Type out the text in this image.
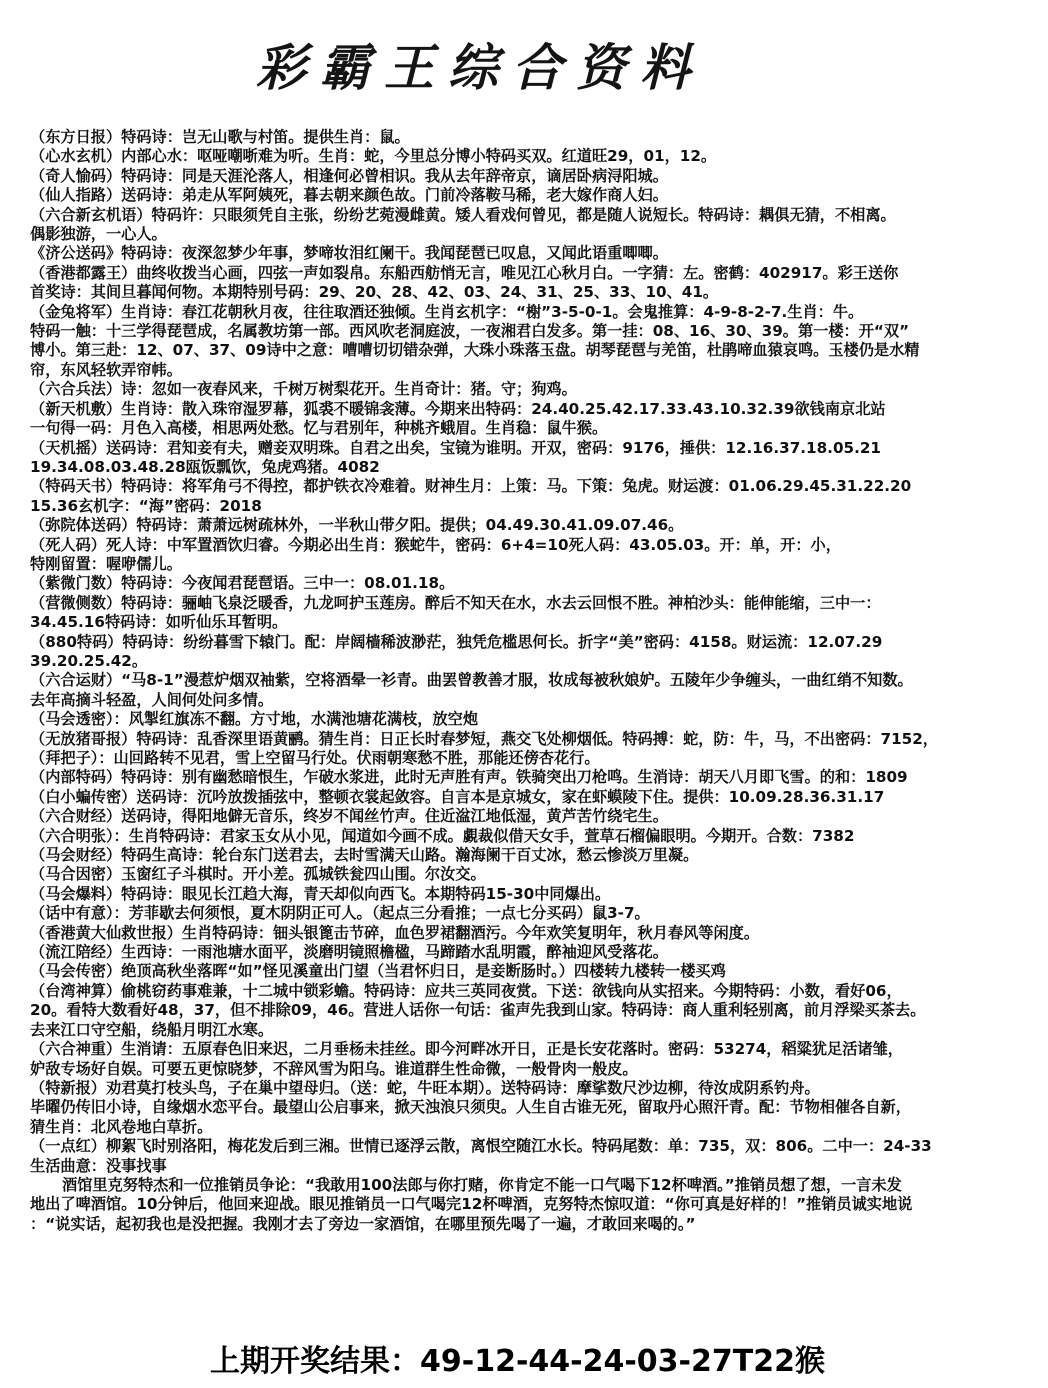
彩霸王综合资料
（东方日报）特码诗：岂无山歌与村笛。提供生肖：鼠。
（心水玄机）内部心水：呕哑嘲哳难为听。生肖：蛇，今里总分博小特码买双。红道旺29，01，12。
（奇人愉码）特码诗：同是天涯沦落人，相逢何必曾相识。我从去年辞帝京，谪居卧病浔阳城。
（仙人指路）送码诗：弟走从军阿姨死，暮去朝来颜色故。门前冷落鞍马稀，老大嫁作商人妇。
（六合新玄机语）特码许：只眼须凭自主张，纷纷艺菀漫雌黄。矮人看戏何曾见，都是随人说短长。特码诗：耦俱无猜，不相离。
偶影独游，一心人。
《济公送码》特码诗：夜深忽梦少年事，梦啼妆泪红阑干。我闻琵琶已叹息，又闻此语重唧唧。
（香港都露王）曲终收拨当心画，四弦一声如裂帛。东船西舫悄无言，唯见江心秋月白。一字猜：左。密鹤：402917。彩王送你
首奖诗：其间旦暮闻何物。本期特别号码：29、20、28、42、03、24、31、25、33、10、41。
（金兔将军）生肖诗：春江花朝秋月夜，往往取酒还独倾。生肖玄机字：“榭”3-5-0-1。会鬼推算：4-9-8-2-7.生肖：牛。
特码一触：十三学得琵琶成，名属教坊第一部。西风吹老洞庭波，一夜湘君白发多。第一挂：08、16、30、39。第一楼：开“双”
博小。第三赴：12、07、37、09诗中之意：嘈嘈切切错杂弹，大珠小珠落玉盘。胡琴琵琶与羌笛，杜鹃啼血猿哀鸣。玉楼仍是水精
帘，东风轻软弄帘帏。
（六合兵法）诗：忽如一夜春风来，千树万树梨花开。生肖奇计：猪。守；狗鸡。
（新天机敷）生肖诗：散入珠帘湿罗幕，狐裘不暖锦衾薄。今期来出特码：24.40.25.42.17.33.43.10.32.39欲钱南京北站
一句得一码：月色入高楼，相思两处愁。忆与君别年，种桃齐蛾眉。生肖稳：鼠牛猴。
（天机摇）送码诗：君知妾有夫，赠妾双明珠。自君之出矣，宝镜为谁明。开双，密码：9176，捶供：12.16.37.18.05.21
19.34.08.03.48.28瓯饭瓢饮，兔虎鸡猪。4082
（特码天书）特码诗：将军角弓不得控，都护铁衣冷难着。财神生月：上策：马。下策：兔虎。财运渡：01.06.29.45.31.22.20
15.36玄机字：“海”密码：2018
（弥院体送码）特码诗：萧萧远树疏林外，一半秋山带夕阳。提供；04.49.30.41.09.07.46。
（死人码）死人诗：中军置酒饮归睿。今期必出生肖：猴蛇牛，密码：6+4=10死人码：43.05.03。开：单，开：小，
特刚留置：喔咿儒儿。
（紫微门数）特码诗：今夜闻君琵琶语。三中一：08.01.18。
（营微侧数）特码诗：骊岫飞泉泛暖香，九龙呵护玉莲房。醉后不知天在水，水去云回恨不胜。神柏沙头：能伸能缩，三中一：
34.45.16特码诗：如听仙乐耳暂明。
（880特码）特码诗：纷纷暮雪下辕门。配：岸阔樯稀波渺茫，独凭危槛思何长。折字“美”密码：4158。财运流：12.07.29
39.20.25.42。
（六合运财）“马8-1”漫惹炉烟双袖紫，空将酒晕一衫青。曲罢曾教善才服，妆成每被秋娘妒。五陵年少争缠头，一曲红绡不知数。
去年高摘斗轻盈，人间何处问多情。
（马会透密）：风掣红旗冻不翻。方寸地，水满池塘花满枝，放空炮
（无放猪哥报）特码诗：乱香深里语黄鹂。猜生肖：日正长时春梦短，燕交飞处柳烟低。特码搏：蛇，防：牛，马，不出密码：7152，
（拜把子）：山回路转不见君，雪上空留马行处。伏雨朝寒愁不胜，那能还傍杏花行。
（内部特码）特码诗：别有幽愁暗恨生，乍破水浆进，此时无声胜有声。铁骑突出刀枪鸣。生消诗：胡天八月即飞雪。的和：1809
（白小蝙传密）送码诗：沉吟放拨插弦中，整顿衣裳起敛容。自言本是京城女，家在虾蟆陵下住。提供：10.09.28.36.31.17
（六合财经）送码诗，得阳地僻无音乐，终岁不闻丝竹声。住近湓江地低湿，黄芦苦竹绕宅生。
（六合明张）：生肖特码诗：君家玉女从小见，闻道如今画不成。覷裁似借天女手，萱草石榴偏眼明。今期开。合数：7382
（马会财经）特码生高诗：轮台东门送君去，去时雪满天山路。瀚海阑干百丈冰，愁云惨淡万里凝。
（马合因密）玉窗红子斗棋时。开小差。孤城铁瓮四山围。尔汝交。
（马会爆料）特码诗：眼见长江趋大海，青天却似向西飞。本期特码15-30中同爆出。
（话中有意）：芳菲歇去何须恨，夏木阴阴正可人。（起点三分看推；一点七分买码）鼠3-7。
（香港黄大仙救世报）生肖特码诗：钿头银篦击节碎，血色罗裙翻酒污。今年欢笑复明年，秋月春风等闲度。
（流江陪经）生西诗：一雨池塘水面平，淡磨明镜照檐楹，马蹄踏水乱明霞，醉袖迎风受落花。
（马会传密）绝顶高秋坐落晖“如”怪见溪童出门望（当君怀归日，是妾断肠时。）四楼转九楼转一楼买鸡
（台湾神算）偷桃窃药事难兼，十二城中锁彩蟾。特码诗：应共三英同夜赏。下送：欲钱向从实招来。今期特码：小数，看好06，
20。看特大数看好48，37，但不排除09，46。营进人话你一句话：雀声先我到山家。特码诗：商人重利轻别离，前月浮梁买茶去。
去来江口守空船，绕船月明江水寒。
（六合神重）生消请：五原春色旧来迟，二月垂杨未挂丝。即今河畔冰开日，正是长安花落时。密码：53274，稻粱犹足活诸雏，
妒敌专场好自娱。可要五更惊晓梦，不辞风雪为阳乌。谁道群生性命微，一般骨肉一般皮。
（特新报）劝君莫打枝头鸟，子在巢中望母归。（送：蛇，牛旺本期）。送特码诗：摩挲数尺沙边柳，待汝成阴系钓舟。
毕曜仍传旧小诗，自缘烟水恋平台。最望山公启事来，掀天浊浪只须臾。人生自古谁无死，留取丹心照汗青。配：节物相催各自新，
猜生肖：北风卷地白草折。
（一点红）柳絮飞时别洛阳，梅花发后到三湘。世情已逐浮云散，离恨空随江水长。特码尾数：单：735，双：806。二中一：24-33
生活曲意：没事找事
酒馆里克努特杰和一位推销员争论：“我敢用100法郎与你打赌，你肯定不能一口气喝下12杯啤酒。”推销员想了想，一言未发
地出了啤酒馆。10分钟后，他回来迎战。眼见推销员一口气喝完12杯啤酒，克努特杰惊叹道：“你可真是好样的！”推销员诚实地说
：“说实话，起初我也是没把握。我刚才去了旁边一家酒馆，在哪里预先喝了一遍，才敢回来喝的。”
上期开奖结果：49-12-44-24-03-27T22猴
